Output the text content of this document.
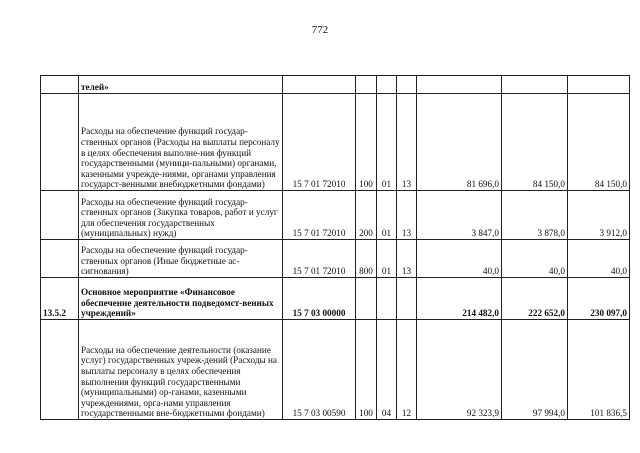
772
	телей»							
	Расходы на обеспечение функций государ-ственных органов (Расходы на выплаты персоналу в целях обеспечения выполне-ния функций государственными (муници-пальными) органами, казенными учрежде-ниями, органами управления государст-венными внебюджетными фондами)	15 7 01 72010	100	01	13	81 696,0	84 150,0	84 150,0
	Расходы на обеспечение функций государ-ственных органов (Закупка товаров, работ и услуг для обеспечения государственных (муниципальных) нужд)	15 7 01 72010	200	01	13	3 847,0	3 878,0	3 912,0
	Расходы на обеспечение функций государ-ственных органов (Иные бюджетные ас-сигнования)	15 7 01 72010	800	01	13	40,0	40,0	40,0
13.5.2	Основное мероприятие «Финансовое обеспечение деятельности подведомст-венных учреждений»	15 7 03 00000				214 482,0	222 652,0	230 097,0
	Расходы на обеспечение деятельности (оказание услуг) государственных учреж-дений (Расходы на выплаты персоналу в целях обеспечения выполнения функций государственными (муниципальными) ор-ганами, казенными учреждениями, орга-нами управления государственными вне-бюджетными фондами)	15 7 03 00590	100	04	12	92 323,9	97 994,0	101 836,5
